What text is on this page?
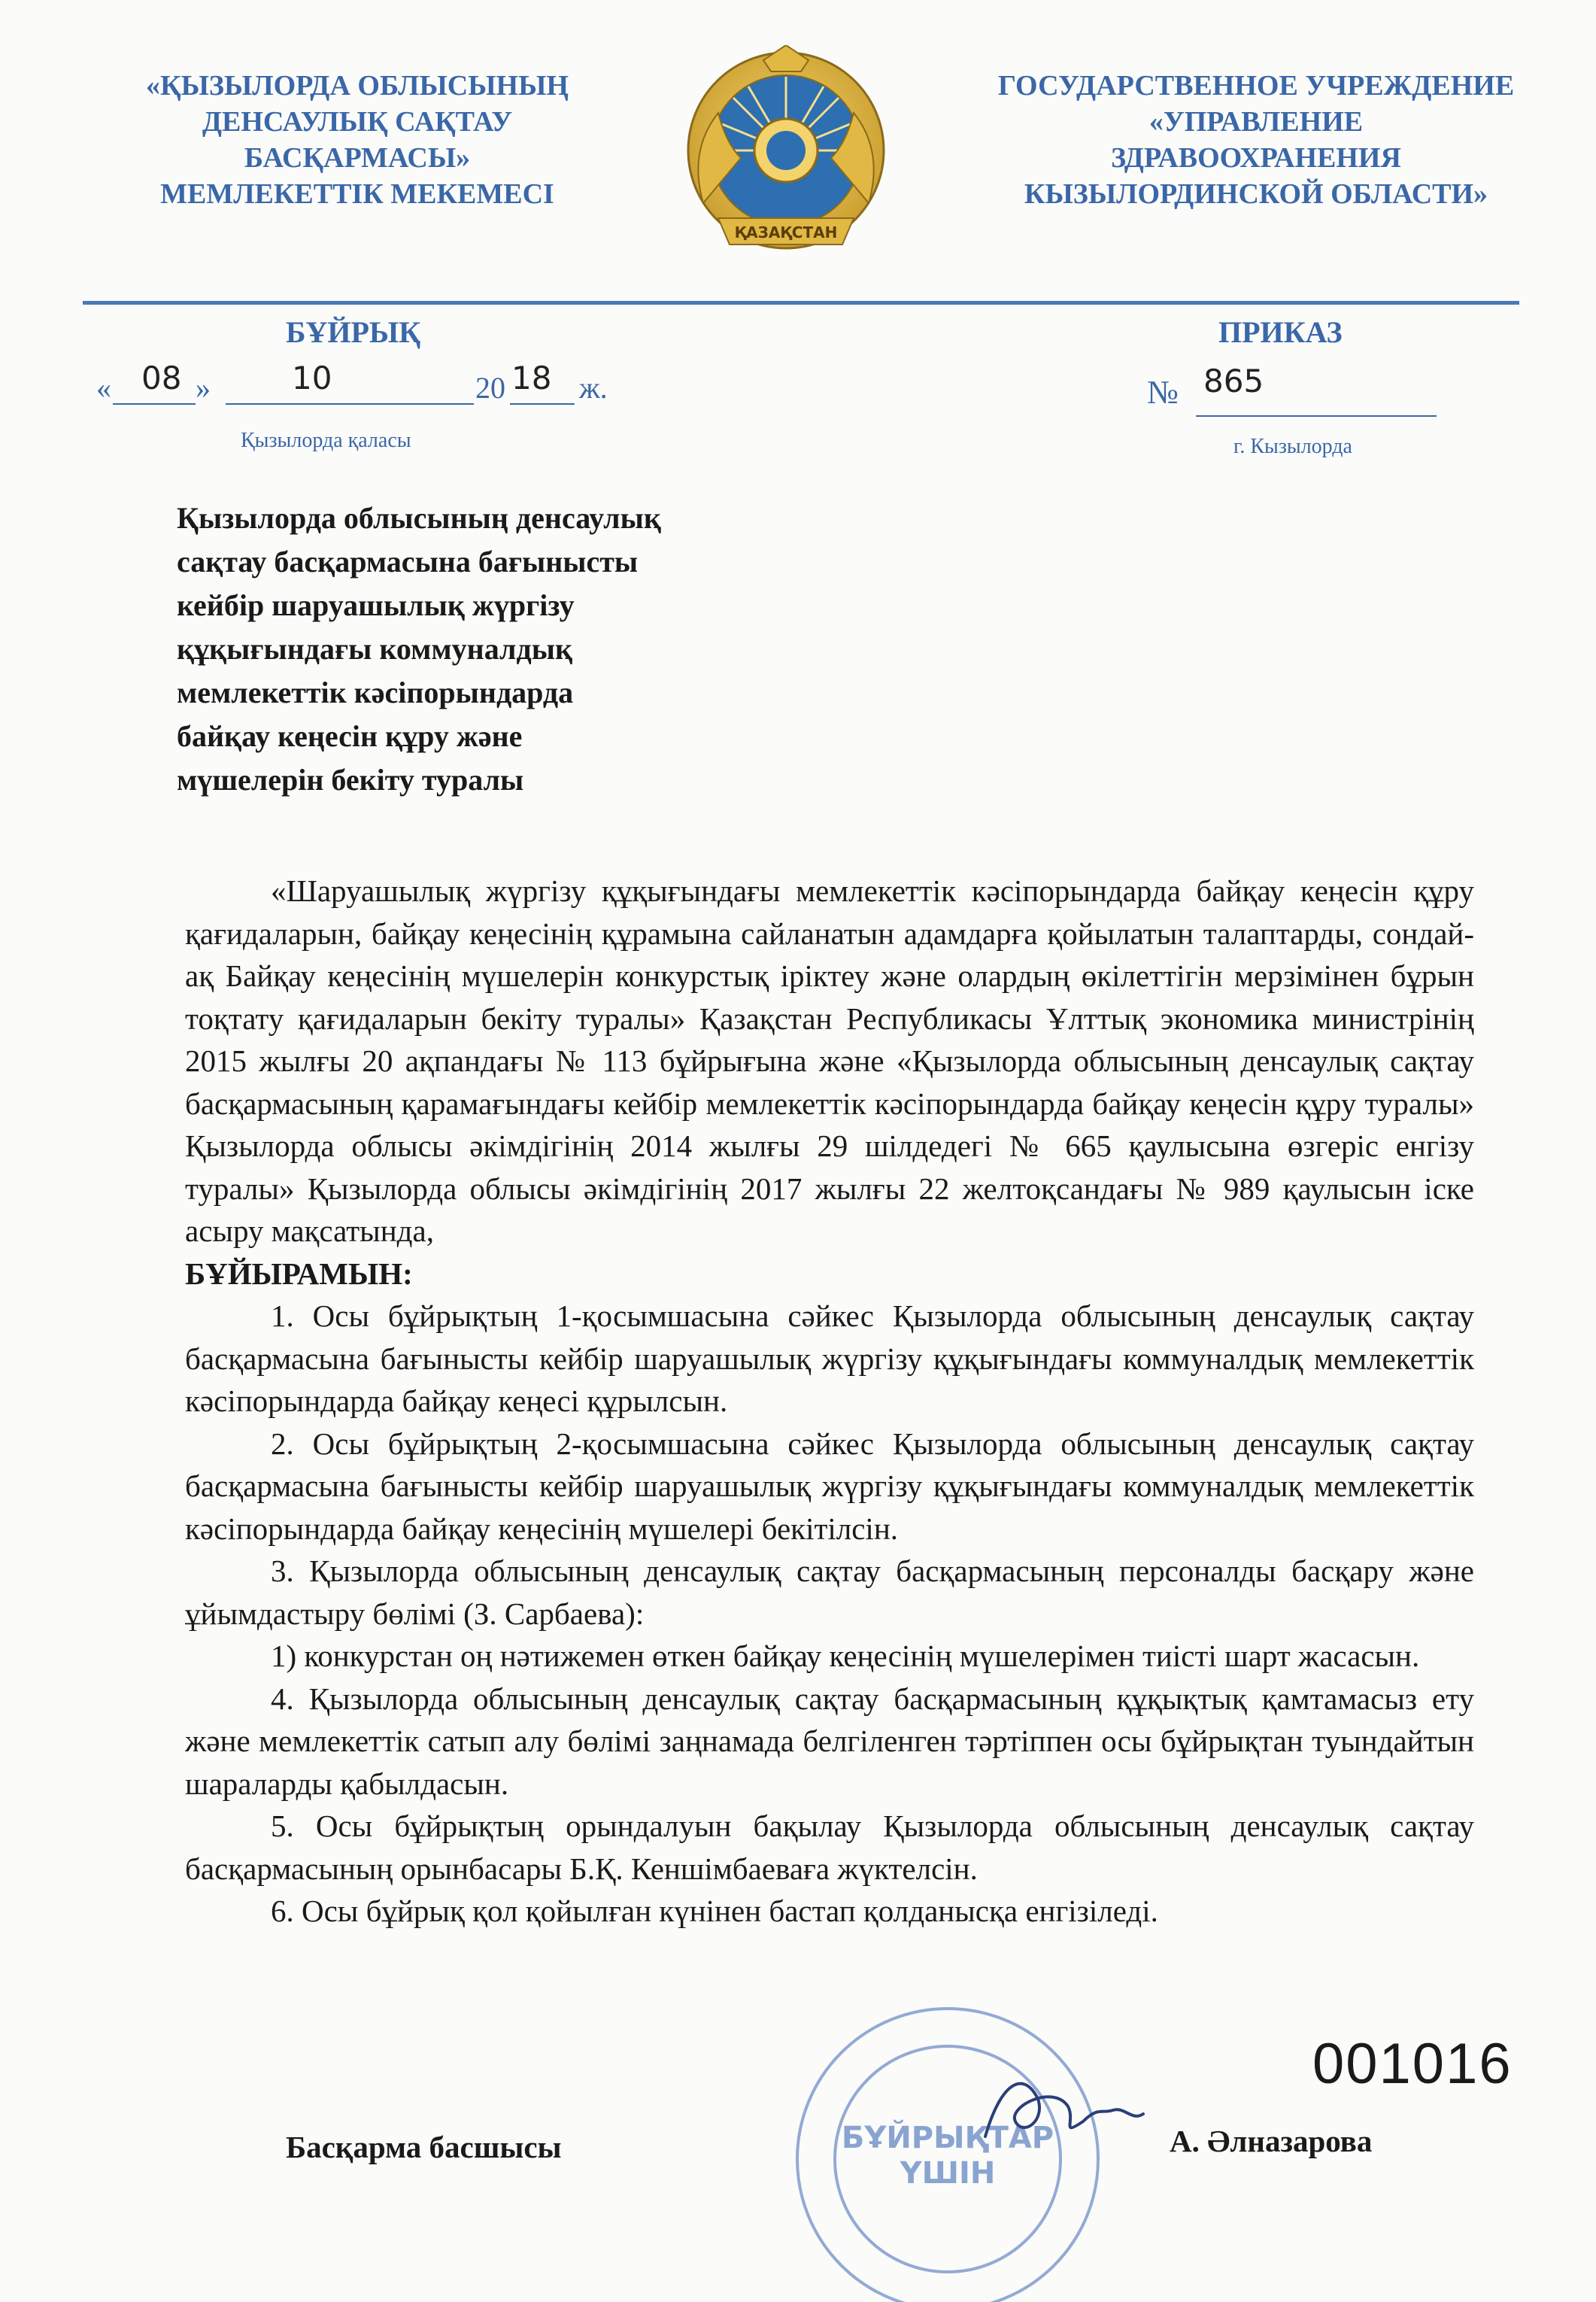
«ҚЫЗЫЛОРДА ОБЛЫСЫНЫҢ
ДЕНСАУЛЫҚ САҚТАУ
БАСҚАРМАСЫ»
МЕМЛЕКЕТТІК МЕКЕМЕСІ
ҚАЗАҚСТАН
ГОСУДАРСТВЕННОЕ УЧРЕЖДЕНИЕ
«УПРАВЛЕНИЕ
ЗДРАВООХРАНЕНИЯ
КЫЗЫЛОРДИНСКОЙ ОБЛАСТИ»
БҰЙРЫҚ	ПРИКАЗ
« 08 »	10	20 18 ж.	№ 865
Қызылорда қаласы	г. Кызылорда
Қызылорда облысының денсаулық
сақтау басқармасына бағынысты
кейбір шаруашылық жүргізу
құқығындағы коммуналдық
мемлекеттік кәсіпорындарда
байқау кеңесін құру және
мүшелерін бекіту туралы

«Шаруашылық жүргізу құқығындағы мемлекеттік кәсіпорындарда байқау кеңесін құру қағидаларын, байқау кеңесінің құрамына сайланатын адамдарға қойылатын талаптарды, сондай-ақ Байқау кеңесінің мүшелерін конкурстық іріктеу және олардың өкілеттігін мерзімінен бұрын тоқтату қағидаларын бекіту туралы» Қазақстан Республикасы Ұлттық экономика министрінің 2015 жылғы 20 ақпандағы № 113 бұйрығына және «Қызылорда облысының денсаулық сақтау басқармасының қарамағындағы кейбір мемлекеттік кәсіпорындарда байқау кеңесін құру туралы» Қызылорда облысы әкімдігінің 2014 жылғы 29 шілдедегі № 665 қаулысына өзгеріс енгізу туралы» Қызылорда облысы әкімдігінің 2017 жылғы 22 желтоқсандағы № 989 қаулысын іске асыру мақсатында,

БҰЙЫРАМЫН:

1. Осы бұйрықтың 1-қосымшасына сәйкес Қызылорда облысының денсаулық сақтау басқармасына бағынысты кейбір шаруашылық жүргізу құқығындағы коммуналдық мемлекеттік кәсіпорындарда байқау кеңесі құрылсын.

2. Осы бұйрықтың 2-қосымшасына сәйкес Қызылорда облысының денсаулық сақтау басқармасына бағынысты кейбір шаруашылық жүргізу құқығындағы коммуналдық мемлекеттік кәсіпорындарда байқау кеңесінің мүшелері бекітілсін.

3. Қызылорда облысының денсаулық сақтау басқармасының персоналды басқару және ұйымдастыру бөлімі (З. Сарбаева):

1) конкурстан оң нәтижемен өткен байқау кеңесінің мүшелерімен тиісті шарт жасасын.

4. Қызылорда облысының денсаулық сақтау басқармасының құқықтық қамтамасыз ету және мемлекеттік сатып алу бөлімі заңнамада белгіленген тәртіппен осы бұйрықтан туындайтын шараларды қабылдасын.

5. Осы бұйрықтың орындалуын бақылау Қызылорда облысының денсаулық сақтау басқармасының орынбасары Б.Қ. Кеншімбаеваға жүктелсін.

6. Осы бұйрық қол қойылған күнінен бастап қолданысқа енгізіледі.

БҰЙРЫҚТАР
ҮШІН
001016
Басқарма басшысы	А. Әлназарова
